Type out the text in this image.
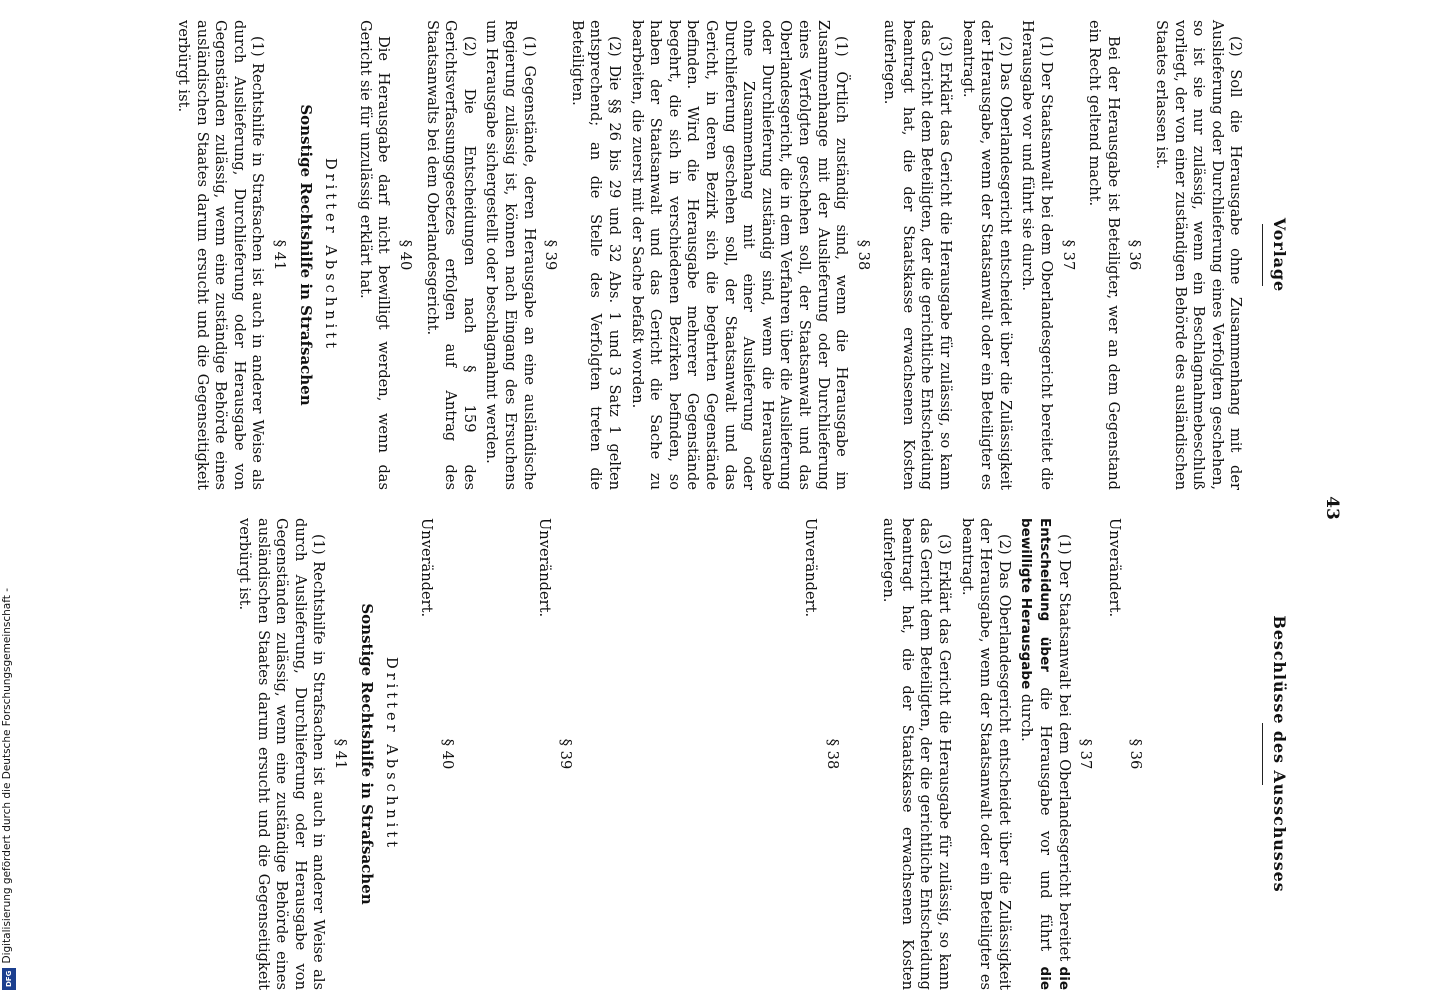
43
Vorlage

(2) Soll die Herausgabe ohne Zusammenhang mit der Auslieferung oder Durchlieferung eines Verfolgten geschehen, so ist sie nur zulässig, wenn ein Beschlagnahmebeschluß vorliegt, der von einer zuständigen Behörde des ausländischen Staates erlassen ist.

§ 36

Bei der Herausgabe ist Beteiligter, wer an dem Gegenstand ein Recht geltend macht.

§ 37

(1) Der Staatsanwalt bei dem Oberlandesgericht bereitet die Herausgabe vor und führt sie durch.

(2) Das Oberlandesgericht entscheidet über die Zulässigkeit der Herausgabe, wenn der Staatsanwalt oder ein Beteiligter es beantragt.

(3) Erklärt das Gericht die Herausgabe für zulässig, so kann das Gericht dem Beteiligten, der die gerichtliche Entscheidung beantragt hat, die der Staatskasse erwachsenen Kosten auferlegen.

§ 38

(1) Örtlich zuständig sind, wenn die Herausgabe im Zusammenhange mit der Auslieferung oder Durchlieferung eines Verfolgten geschehen soll, der Staatsanwalt und das Oberlandesgericht, die in dem Verfahren über die Auslieferung oder Durchlieferung zuständig sind, wenn die Herausgabe ohne Zusammenhang mit einer Auslieferung oder Durchlieferung geschehen soll, der Staatsanwalt und das Gericht, in deren Bezirk sich die begehrten Gegenstände befinden. Wird die Herausgabe mehrerer Gegenstände begehrt, die sich in verschiedenen Bezirken befinden, so haben der Staatsanwalt und das Gericht die Sache zu bearbeiten, die zuerst mit der Sache befaßt worden.

(2) Die §§ 26 bis 29 und 32 Abs. 1 und 3 Satz 1 gelten entsprechend; an die Stelle des Verfolgten treten die Beteiligten.

§ 39

(1) Gegenstände, deren Herausgabe an eine ausländische Regierung zulässig ist, können nach Eingang des Ersuchens um Herausgabe sichergestellt oder beschlagnahmt werden.

(2) Die Entscheidungen nach § 159 des Gerichtsverfassungsgesetzes erfolgen auf Antrag des Staatsanwalts bei dem Oberlandesgericht.

§ 40

Die Herausgabe darf nicht bewilligt werden, wenn das Gericht sie für unzulässig erklärt hat.

Dritter Abschnitt
Sonstige Rechtshilfe in Strafsachen
§ 41

(1) Rechtshilfe in Strafsachen ist auch in anderer Weise als durch Auslieferung, Durchlieferung oder Herausgabe von Gegenständen zulässig, wenn eine zuständige Behörde eines ausländischen Staates darum ersucht und die Gegenseitigkeit verbürgt ist.

Beschlüsse des Ausschusses
§ 36

Unverändert.

§ 37

(1) Der Staatsanwalt bei dem Oberlandesgericht bereitet die Entscheidung über die Herausgabe vor und führt die bewilligte Herausgabe durch.

(2) Das Oberlandesgericht entscheidet über die Zulässigkeit der Herausgabe, wenn der Staatsanwalt oder ein Beteiligter es beantragt.

(3) Erklärt das Gericht die Herausgabe für zulässig, so kann das Gericht dem Beteiligten, der die gerichtliche Entscheidung beantragt hat, die der Staatskasse erwachsenen Kosten auferlegen.

§ 38

Unverändert.

§ 39

Unverändert.

§ 40

Unverändert.

Dritter Abschnitt
Sonstige Rechtshilfe in Strafsachen
§ 41

(1) Rechtshilfe in Strafsachen ist auch in anderer Weise als durch Auslieferung, Durchlieferung oder Herausgabe von Gegenständen zulässig, wenn eine zuständige Behörde eines ausländischen Staates darum ersucht und die Gegenseitigkeit verbürgt ist.

Digitalisierung gefördert durch die Deutsche Forschungsgemeinschaft -
DFG
